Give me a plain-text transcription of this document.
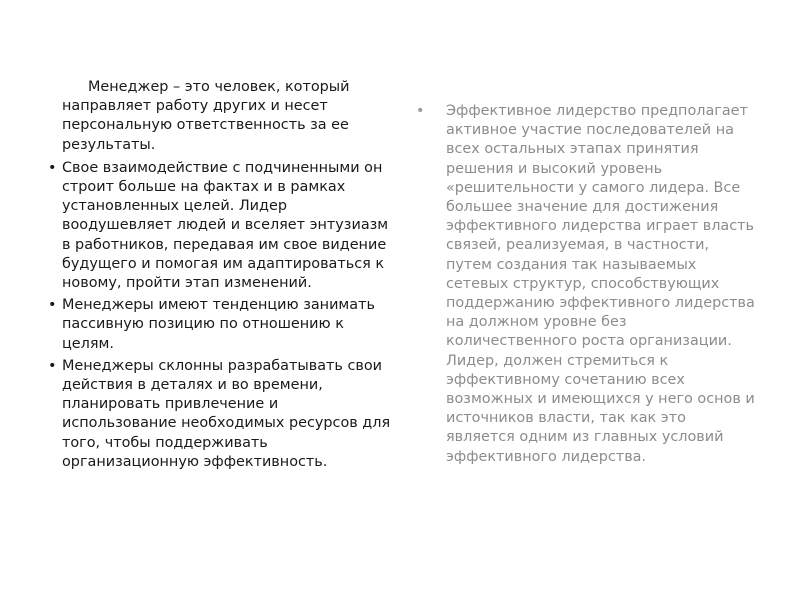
Менеджер – это человек, который направляет работу других и несет персональную ответственность за ее результаты.

• Свое взаимодействие с подчиненными он строит больше на фактах и в рамках установленных целей. Лидер воодушевляет людей и вселяет энтузиазм в работников, передавая им свое видение будущего и помогая им адаптироваться к новому, пройти этап изменений.
• Менеджеры имеют тенденцию занимать пассивную позицию по отношению к целям.
• Менеджеры склонны разрабатывать свои действия в деталях и во времени, планировать привлечение и использование необходимых ресурсов для того, чтобы поддерживать организационную эффективность.
• Эффективное лидерство предполагает активное участие последователей на всех остальных этапах принятия решения и высокий уровень «решительности у самого лидера. Все большее значение для достижения эффективного лидерства играет власть связей, реализуемая, в частности, путем создания так называемых сетевых структур, способствующих поддержанию эффективного лидерства на должном уровне без количественного роста организации. Лидер, должен стремиться к эффективному сочетанию всех возможных и имеющихся у него основ и источников власти, так как это является одним из главных условий эффективного лидерства.
